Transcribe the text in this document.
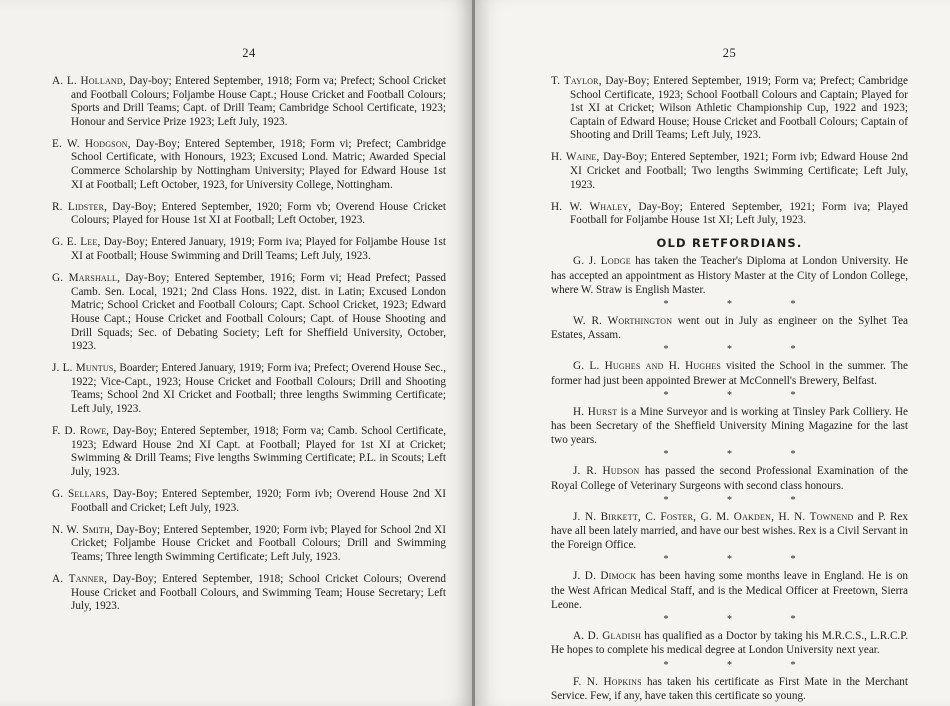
24

A. L. Holland, Day-boy; Entered September, 1918; Form va; Prefect; School Cricket and Football Colours; Foljambe House Capt.; House Cricket and Football Colours; Sports and Drill Teams; Capt. of Drill Team; Cambridge School Certificate, 1923; Honour and Service Prize 1923; Left July, 1923.

E. W. Hodgson, Day-Boy; Entered September, 1918; Form vi; Prefect; Cambridge School Certificate, with Honours, 1923; Excused Lond. Matric; Awarded Special Commerce Scholarship by Nottingham University; Played for Edward House 1st XI at Football; Left October, 1923, for University College, Nottingham.

R. Lidster, Day-Boy; Entered September, 1920; Form vb; Overend House Cricket Colours; Played for House 1st XI at Football; Left October, 1923.

G. E. Lee, Day-Boy; Entered January, 1919; Form iva; Played for Foljambe House 1st XI at Football; House Swimming and Drill Teams; Left July, 1923.

G. Marshall, Day-Boy; Entered September, 1916; Form vi; Head Prefect; Passed Camb. Sen. Local, 1921; 2nd Class Hons. 1922, dist. in Latin; Excused London Matric; School Cricket and Football Colours; Capt. School Cricket, 1923; Edward House Capt.; House Cricket and Football Colours; Capt. of House Shooting and Drill Squads; Sec. of Debating Society; Left for Sheffield University, October, 1923.

J. L. Muntus, Boarder; Entered January, 1919; Form iva; Prefect; Overend House Sec., 1922; Vice-Capt., 1923; House Cricket and Football Colours; Drill and Shooting Teams; School 2nd XI Cricket and Football; three lengths Swimming Certificate; Left July, 1923.

F. D. Rowe, Day-Boy; Entered September, 1918; Form va; Camb. School Certificate, 1923; Edward House 2nd XI Capt. at Football; Played for 1st XI at Cricket; Swimming & Drill Teams; Five lengths Swimming Certificate; P.L. in Scouts; Left July, 1923.

G. Sellars, Day-Boy; Entered September, 1920; Form ivb; Overend House 2nd XI Football and Cricket; Left July, 1923.

N. W. Smith, Day-Boy; Entered September, 1920; Form ivb; Played for School 2nd XI Cricket; Foljambe House Cricket and Football Colours; Drill and Swimming Teams; Three length Swimming Certificate; Left July, 1923.

A. Tanner, Day-Boy; Entered September, 1918; School Cricket Colours; Overend House Cricket and Football Colours, and Swimming Team; House Secretary; Left July, 1923.

25

T. Taylor, Day-Boy; Entered September, 1919; Form va; Prefect; Cambridge School Certificate, 1923; School Football Colours and Captain; Played for 1st XI at Cricket; Wilson Athletic Championship Cup, 1922 and 1923; Captain of Edward House; House Cricket and Football Colours; Captain of Shooting and Drill Teams; Left July, 1923.

H. Waine, Day-Boy; Entered September, 1921; Form ivb; Edward House 2nd XI Cricket and Football; Two lengths Swimming Certificate; Left July, 1923.

H. W. Whaley, Day-Boy; Entered September, 1921; Form iva; Played Football for Foljambe House 1st XI; Left July, 1923.

OLD RETFORDIANS.

G. J. Lodge has taken the Teacher's Diploma at London University. He has accepted an appointment as History Master at the City of London College, where W. Straw is English Master.

* * *

W. R. Worthington went out in July as engineer on the Sylhet Tea Estates, Assam.

* * *

G. L. Hughes and H. Hughes visited the School in the summer. The former had just been appointed Brewer at McConnell's Brewery, Belfast.

* * *

H. Hurst is a Mine Surveyor and is working at Tinsley Park Colliery. He has been Secretary of the Sheffield University Mining Magazine for the last two years.

* * *

J. R. Hudson has passed the second Professional Examination of the Royal College of Veterinary Surgeons with second class honours.

* * *

J. N. Birkett, C. Foster, G. M. Oakden, H. N. Townend and P. Rex have all been lately married, and have our best wishes. Rex is a Civil Servant in the Foreign Office.

* * *

J. D. Dimock has been having some months leave in England. He is on the West African Medical Staff, and is the Medical Officer at Freetown, Sierra Leone.

* * *

A. D. Gladish has qualified as a Doctor by taking his M.R.C.S., L.R.C.P. He hopes to complete his medical degree at London University next year.

* * *

F. N. Hopkins has taken his certificate as First Mate in the Merchant Service. Few, if any, have taken this certificate so young.
